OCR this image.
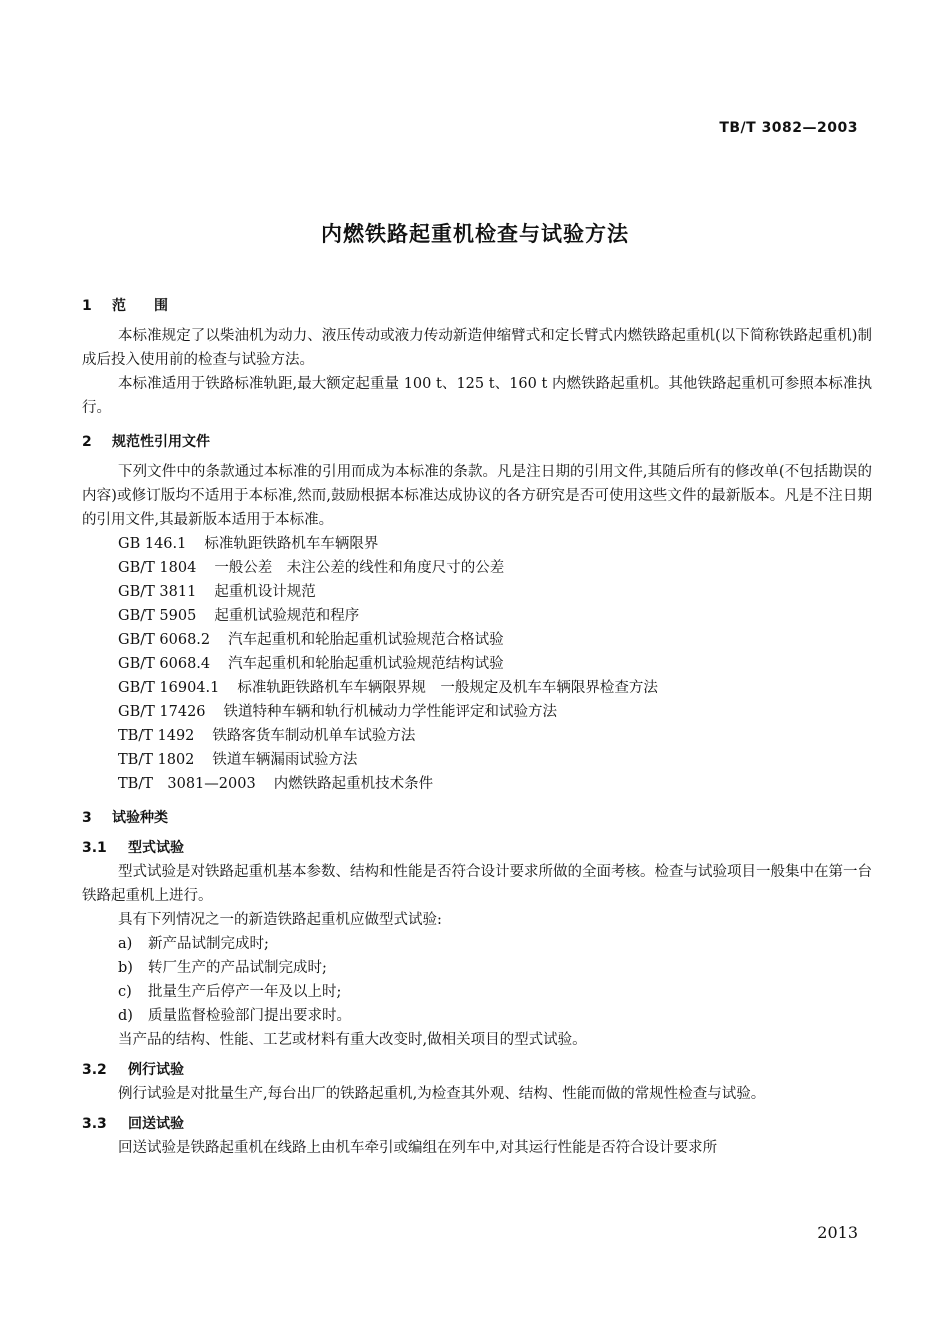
TB/T 3082—2003
内燃铁路起重机检查与试验方法
1 范　　围

本标准规定了以柴油机为动力、液压传动或液力传动新造伸缩臂式和定长臂式内燃铁路起重机(以下简称铁路起重机)制成后投入使用前的检查与试验方法。

本标准适用于铁路标准轨距,最大额定起重量 100 t、125 t、160 t 内燃铁路起重机。其他铁路起重机可参照本标准执行。

2 规范性引用文件

下列文件中的条款通过本标准的引用而成为本标准的条款。凡是注日期的引用文件,其随后所有的修改单(不包括勘误的内容)或修订版均不适用于本标准,然而,鼓励根据本标准达成协议的各方研究是否可使用这些文件的最新版本。凡是不注日期的引用文件,其最新版本适用于本标准。

GB 146.1 标准轨距铁路机车车辆限界
GB/T 1804 一般公差　未注公差的线性和角度尺寸的公差
GB/T 3811 起重机设计规范
GB/T 5905 起重机试验规范和程序
GB/T 6068.2 汽车起重机和轮胎起重机试验规范合格试验
GB/T 6068.4 汽车起重机和轮胎起重机试验规范结构试验
GB/T 16904.1 标准轨距铁路机车车辆限界规　一般规定及机车车辆限界检查方法
GB/T 17426 铁道特种车辆和轨行机械动力学性能评定和试验方法
TB/T 1492 铁路客货车制动机单车试验方法
TB/T 1802 铁道车辆漏雨试验方法
TB/T　3081—2003 内燃铁路起重机技术条件
3 试验种类
3.1 型式试验

型式试验是对铁路起重机基本参数、结构和性能是否符合设计要求所做的全面考核。检查与试验项目一般集中在第一台铁路起重机上进行。

具有下列情况之一的新造铁路起重机应做型式试验:

a) 新产品试制完成时;
b) 转厂生产的产品试制完成时;
c) 批量生产后停产一年及以上时;
d) 质量监督检验部门提出要求时。

当产品的结构、性能、工艺或材料有重大改变时,做相关项目的型式试验。

3.2 例行试验

例行试验是对批量生产,每台出厂的铁路起重机,为检查其外观、结构、性能而做的常规性检查与试验。

3.3 回送试验

回送试验是铁路起重机在线路上由机车牵引或编组在列车中,对其运行性能是否符合设计要求所

2013
